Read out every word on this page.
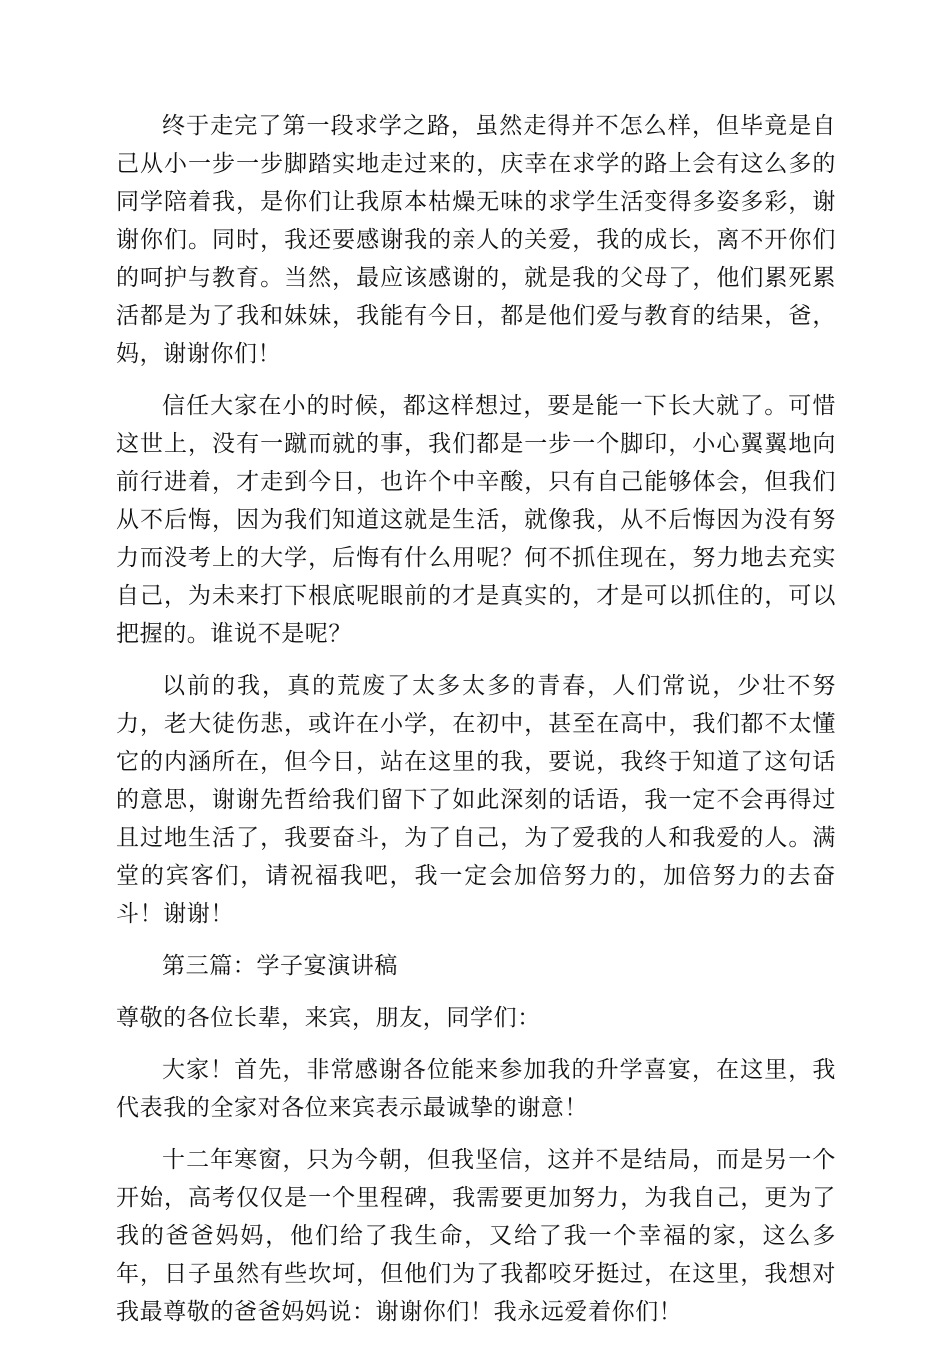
终于走完了第一段求学之路，虽然走得并不怎么样，但毕竟是自己从小一步一步脚踏实地走过来的，庆幸在求学的路上会有这么多的同学陪着我，是你们让我原本枯燥无味的求学生活变得多姿多彩，谢谢你们。同时，我还要感谢我的亲人的关爱，我的成长，离不开你们的呵护与教育。当然，最应该感谢的，就是我的父母了，他们累死累活都是为了我和妹妹，我能有今日，都是他们爱与教育的结果，爸，妈，谢谢你们！

信任大家在小的时候，都这样想过，要是能一下长大就了。可惜这世上，没有一蹴而就的事，我们都是一步一个脚印，小心翼翼地向前行进着，才走到今日，也许个中辛酸，只有自己能够体会，但我们从不后悔，因为我们知道这就是生活，就像我，从不后悔因为没有努力而没考上的大学，后悔有什么用呢？何不抓住现在，努力地去充实自己，为未来打下根底呢眼前的才是真实的，才是可以抓住的，可以把握的。谁说不是呢？

以前的我，真的荒废了太多太多的青春，人们常说，少壮不努力，老大徒伤悲，或许在小学，在初中，甚至在高中，我们都不太懂它的内涵所在，但今日，站在这里的我，要说，我终于知道了这句话的意思，谢谢先哲给我们留下了如此深刻的话语，我一定不会再得过且过地生活了，我要奋斗，为了自己，为了爱我的人和我爱的人。满堂的宾客们，请祝福我吧，我一定会加倍努力的，加倍努力的去奋斗！谢谢！

第三篇：学子宴演讲稿

尊敬的各位长辈，来宾，朋友，同学们：

大家！首先，非常感谢各位能来参加我的升学喜宴，在这里，我代表我的全家对各位来宾表示最诚挚的谢意！

十二年寒窗，只为今朝，但我坚信，这并不是结局，而是另一个开始，高考仅仅是一个里程碑，我需要更加努力，为我自己，更为了我的爸爸妈妈，他们给了我生命，又给了我一个幸福的家，这么多年，日子虽然有些坎坷，但他们为了我都咬牙挺过，在这里，我想对我最尊敬的爸爸妈妈说：谢谢你们！我永远爱着你们！
